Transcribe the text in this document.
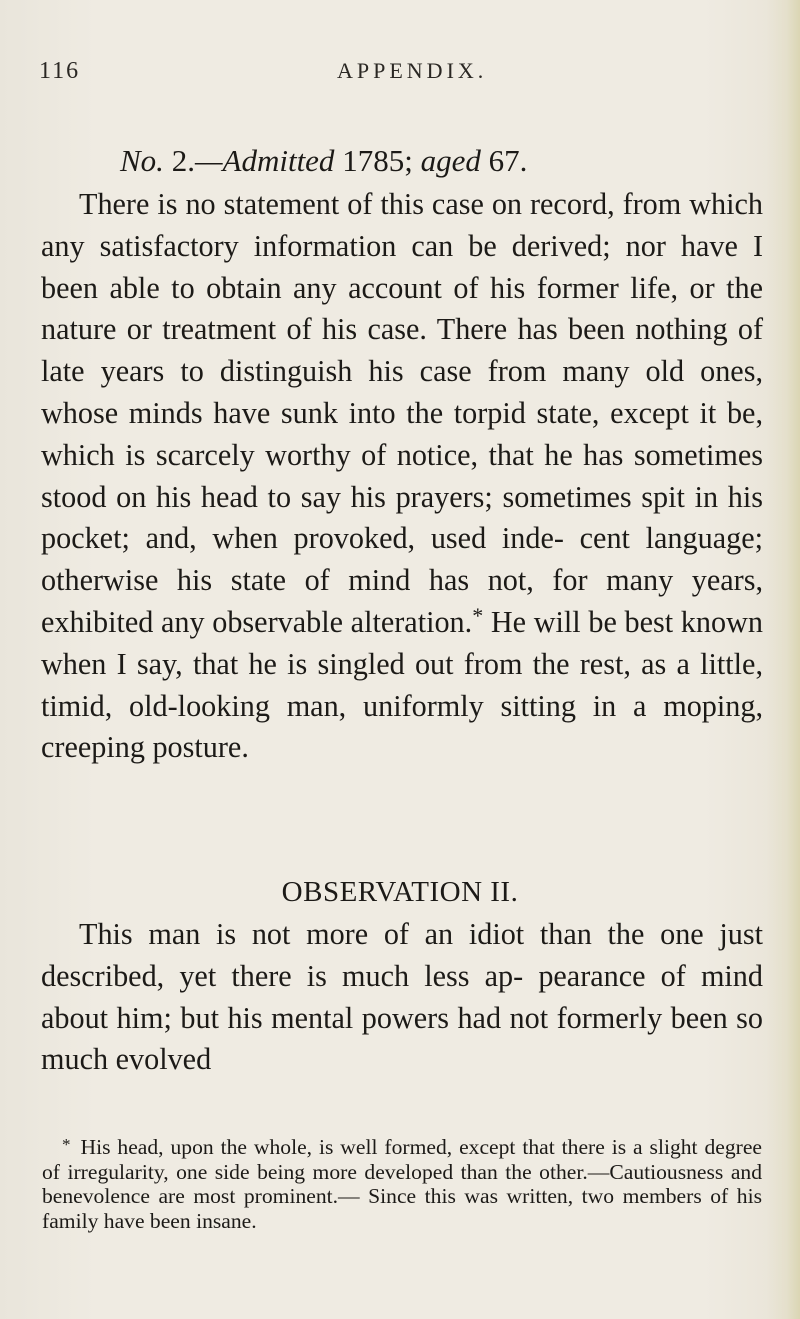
116	APPENDIX.
No. 2.—Admitted 1785; aged 67.

There is no statement of this case on record, from which any satisfactory information can be derived; nor have I been able to obtain any account of his former life, or the nature or treatment of his case. There has been nothing of late years to distinguish his case from many old ones, whose minds have sunk into the torpid state, except it be, which is scarcely worthy of notice, that he has sometimes stood on his head to say his prayers; sometimes spit in his pocket; and, when provoked, used inde- cent language; otherwise his state of mind has not, for many years, exhibited any observable alteration.* He will be best known when I say, that he is singled out from the rest, as a little, timid, old-looking man, uniformly sitting in a moping, creeping posture.

OBSERVATION II.

This man is not more of an idiot than the one just described, yet there is much less ap- pearance of mind about him; but his mental powers had not formerly been so much evolved

* His head, upon the whole, is well formed, except that there is a slight degree of irregularity, one side being more developed than the other.—Cautiousness and benevolence are most prominent.— Since this was written, two members of his family have been insane.
